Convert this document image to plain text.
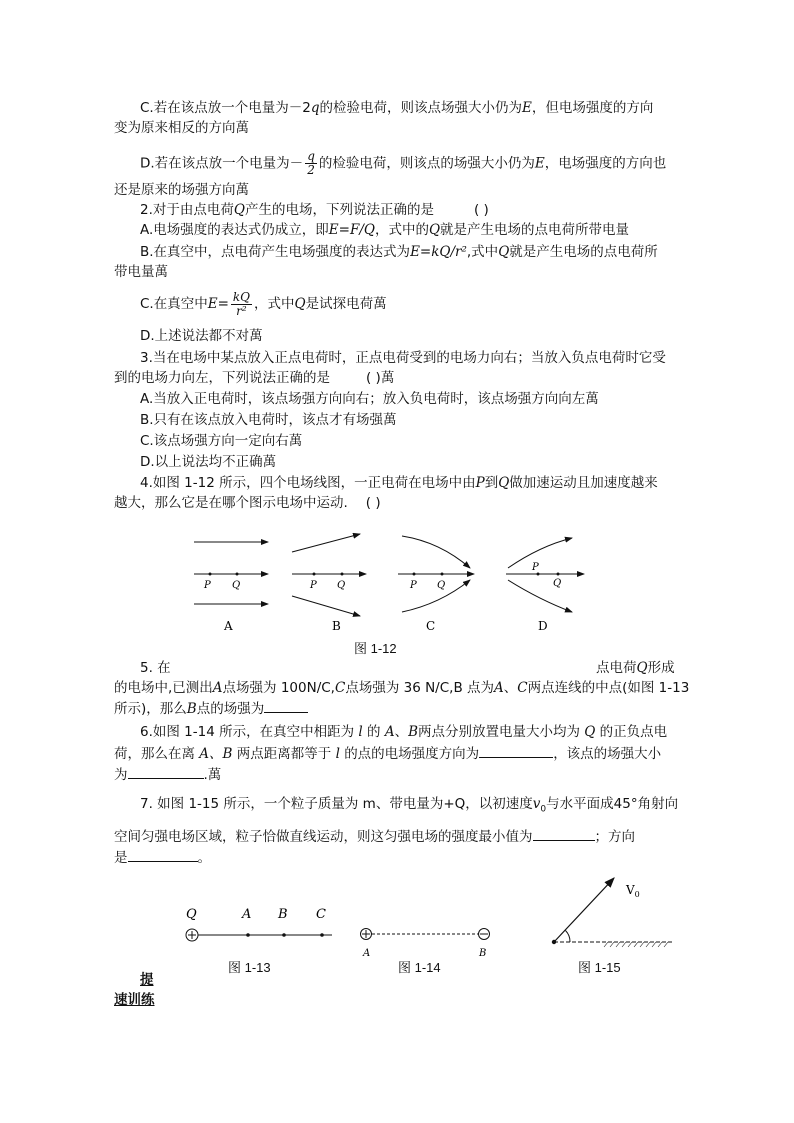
C.若在该点放一个电量为－2q的检验电荷，则该点场强大小仍为E，但电场强度的方向
变为原来相反的方向萬
D.若在该点放一个电量为－ $\frac{q}{2}$ 的检验电荷，则该点的场强大小仍为E，电场强度的方向也
还是原来的场强方向萬
2.对于由点电荷Q产生的电场，下列说法正确的是	( )
A.电场强度的表达式仍成立，即E=F/Q，式中的Q就是产生电场的点电荷所带电量
B.在真空中，点电荷产生电场强度的表达式为E=kQ/r²,式中Q就是产生电场的点电荷所
带电量萬
C.在真空中$E= \frac{kQ}{\text{r²}}$ ，式中Q是试探电荷萬
D.上述说法都不对萬
3.当在电场中某点放入正点电荷时，正点电荷受到的电场力向右；当放入负点电荷时它受
到的电场力向左，下列说法正确的是	( )萬
A.当放入正电荷时，该点场强方向向右；放入负电荷时，该点场强方向向左萬
B.只有在该点放入电荷时，该点才有场强萬
C.该点场强方向一定向右萬
D.以上说法均不正确萬
4.如图 1-12 所示，四个电场线图，一正电荷在电场中由P到Q做加速运动且加速度越来
越大，那么它是在哪个图示电场中运动. ( )
P Q
A
P Q
B
P Q
C
P
Q
D
图 1-12
5. 在	点电荷Q形成
的电场中,已测出A点场强为 100N/C,C点场强为 36 N/C,B 点为A、C两点连线的中点(如图 1-13
所示)，那么B点的场强为
6.如图 1-14 所示，在真空中相距为 l 的 A、B两点分别放置电量大小均为 Q 的正负点电
荷，那么在离 A、B 两点距离都等于 l 的点的电场强度方向为	，该点的场强大小
为	.萬
7. 如图 1-15 所示，一个粒子质量为 m、带电量为+Q，以初速度$v_0$与水平面成45°角射向
空间匀强电场区域，粒子恰做直线运动，则这匀强电场的强度最小值为	；方向
是	。
Q	A B C
图 1-13
A	B
图 1-14
$V_0$
图 1-15
提
速训练
